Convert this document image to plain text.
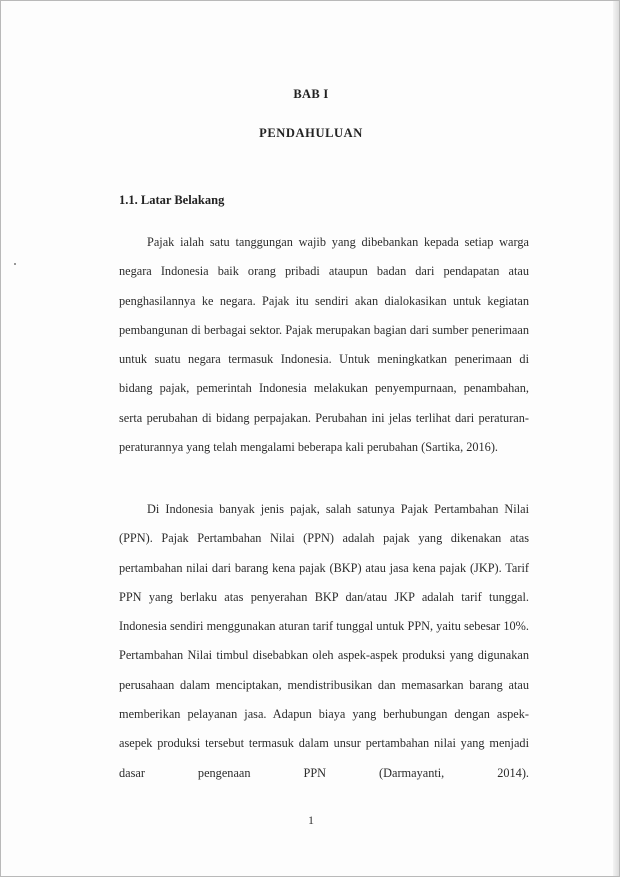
BAB I
PENDAHULUAN
1.1. Latar Belakang

Pajak ialah satu tanggungan wajib yang dibebankan kepada setiap warga negara Indonesia baik orang pribadi ataupun badan dari pendapatan atau penghasilannya ke negara. Pajak itu sendiri akan dialokasikan untuk kegiatan pembangunan di berbagai sektor. Pajak merupakan bagian dari sumber penerimaan untuk suatu negara termasuk Indonesia. Untuk meningkatkan penerimaan di bidang pajak, pemerintah Indonesia melakukan penyempurnaan, penambahan, serta perubahan di bidang perpajakan. Perubahan ini jelas terlihat dari peraturan-peraturannya yang telah mengalami beberapa kali perubahan (Sartika, 2016).

Di Indonesia banyak jenis pajak, salah satunya Pajak Pertambahan Nilai (PPN). Pajak Pertambahan Nilai (PPN) adalah pajak yang dikenakan atas pertambahan nilai dari barang kena pajak (BKP) atau jasa kena pajak (JKP). Tarif PPN yang berlaku atas penyerahan BKP dan/atau JKP adalah tarif tunggal. Indonesia sendiri menggunakan aturan tarif tunggal untuk PPN, yaitu sebesar 10%. Pertambahan Nilai timbul disebabkan oleh aspek-aspek produksi yang digunakan perusahaan dalam menciptakan, mendistribusikan dan memasarkan barang atau memberikan pelayanan jasa. Adapun biaya yang berhubungan dengan aspek-asepek produksi tersebut termasuk dalam unsur pertambahan nilai yang menjadi dasar pengenaan PPN (Darmayanti, 2014).

1
